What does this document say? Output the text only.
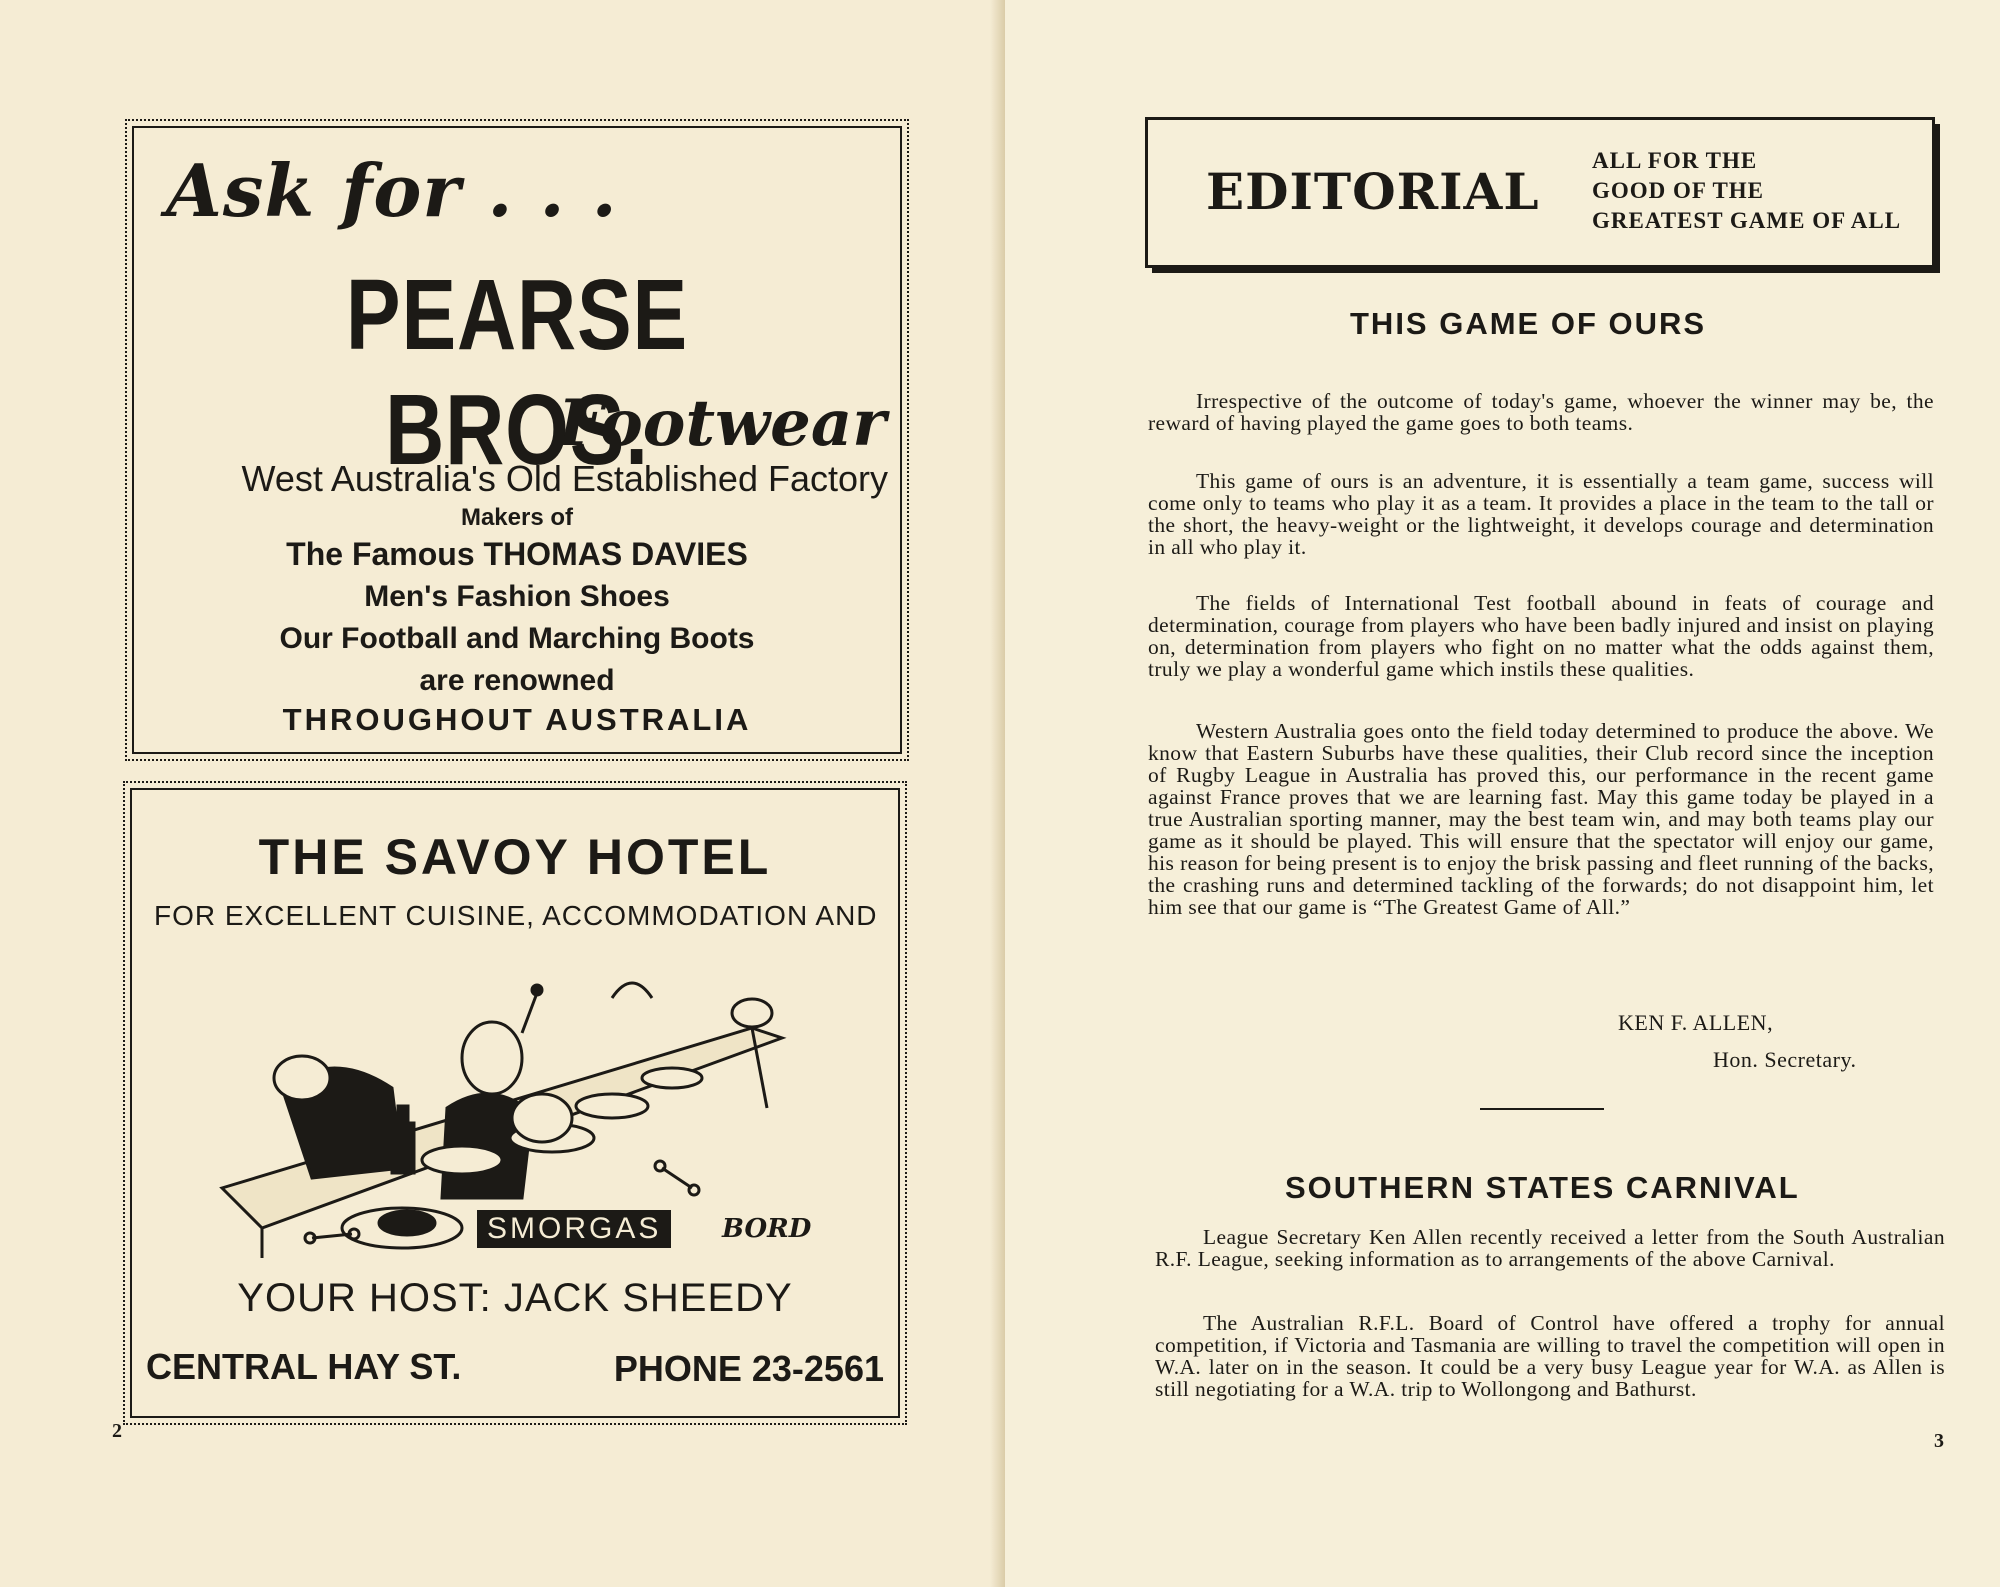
Ask for . . .
PEARSE BROS.
Footwear
West Australia's Old Established Factory
Makers of
The Famous THOMAS DAVIES
Men's Fashion Shoes
Our Football and Marching Boots
are renowned
THROUGHOUT AUSTRALIA
THE SAVOY HOTEL
FOR EXCELLENT CUISINE, ACCOMMODATION AND
SMORGAS	BORD
YOUR HOST: JACK SHEEDY
CENTRAL HAY ST.	PHONE 23-2561
2
EDITORIAL
ALL FOR THE
GOOD OF THE
GREATEST GAME OF ALL
THIS GAME OF OURS

Irrespective of the outcome of today's game, whoever the winner may be, the reward of having played the game goes to both teams.

This game of ours is an adventure, it is essentially a team game, success will come only to teams who play it as a team. It provides a place in the team to the tall or the short, the heavy-weight or the lightweight, it develops courage and determination in all who play it.

The fields of International Test football abound in feats of courage and determination, courage from players who have been badly injured and insist on playing on, determination from players who fight on no matter what the odds against them, truly we play a wonderful game which instils these qualities.

Western Australia goes onto the field today determined to produce the above. We know that Eastern Suburbs have these qualities, their Club record since the inception of Rugby League in Australia has proved this, our performance in the recent game against France proves that we are learning fast. May this game today be played in a true Australian sporting manner, may the best team win, and may both teams play our game as it should be played. This will ensure that the spectator will enjoy our game, his reason for being present is to enjoy the brisk passing and fleet running of the backs, the crashing runs and determined tackling of the forwards; do not disappoint him, let him see that our game is “The Greatest Game of All.”

KEN F. ALLEN,
Hon. Secretary.
SOUTHERN STATES CARNIVAL

League Secretary Ken Allen recently received a letter from the South Australian R.F. League, seeking information as to arrangements of the above Carnival.

The Australian R.F.L. Board of Control have offered a trophy for annual competition, if Victoria and Tasmania are willing to travel the competition will open in W.A. later on in the season. It could be a very busy League year for W.A. as Allen is still negotiating for a W.A. trip to Wollongong and Bathurst.

3
